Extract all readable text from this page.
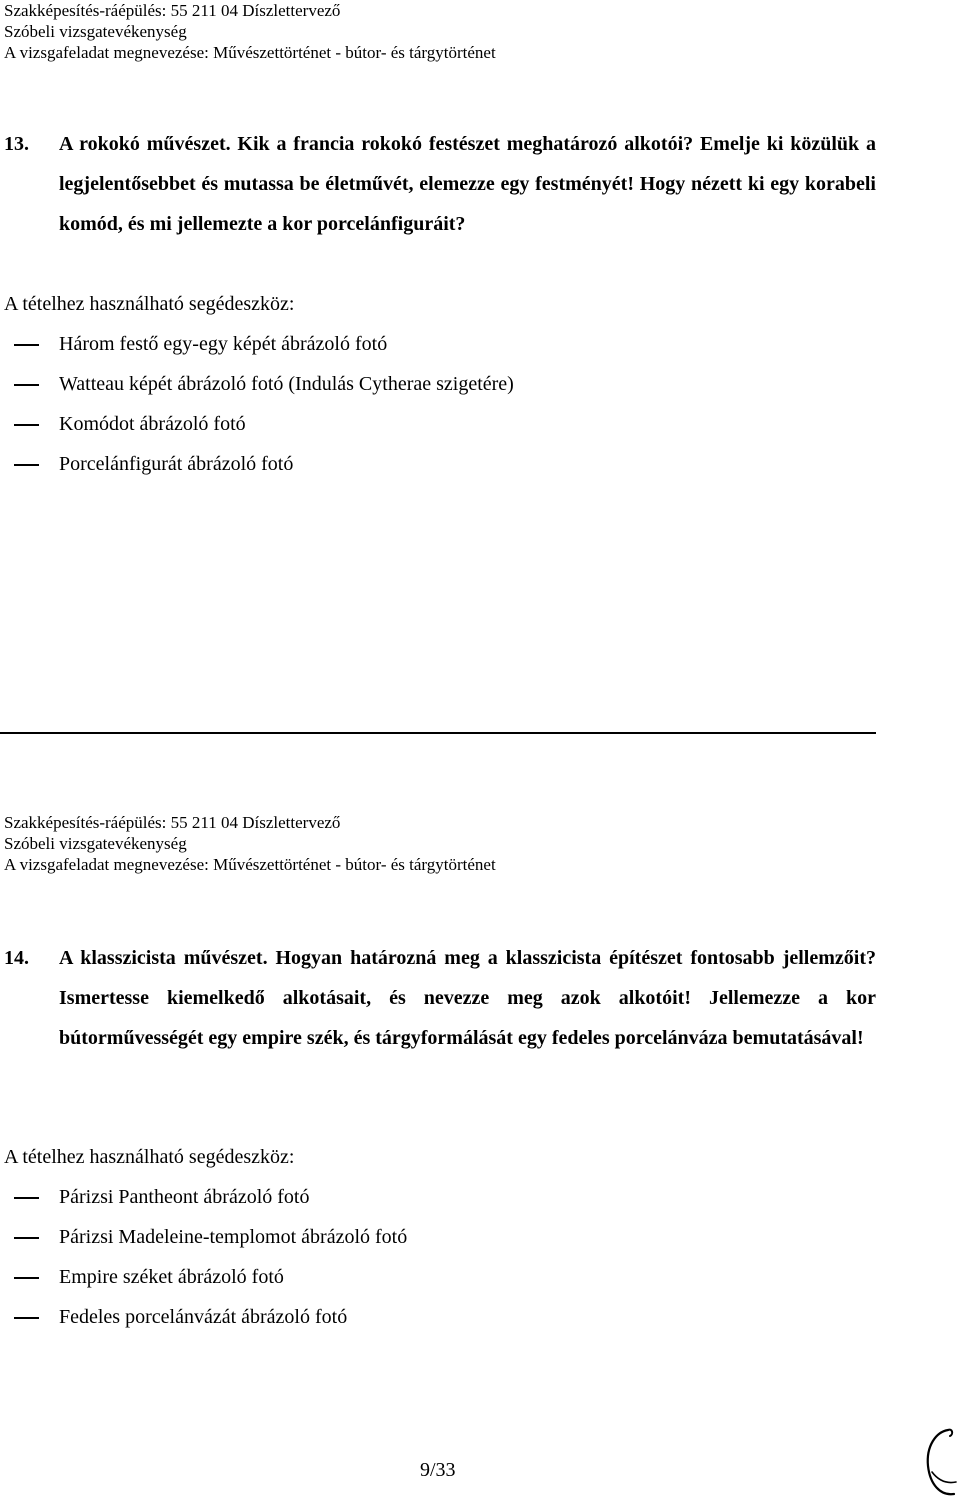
Szakképesítés-ráépülés: 55 211 04 Díszlettervező
Szóbeli vizsgatevékenység
A vizsgafeladat megnevezése: Művészettörténet - bútor- és tárgytörténet
13. A rokokó művészet. Kik a francia rokokó festészet meghatározó alkotói? Emelje ki közülük a legjelentősebbet és mutassa be életművét, elemezze egy festményét! Hogy nézett ki egy korabeli komód, és mi jellemezte a kor porcelánfiguráit?
A tételhez használható segédeszköz:
Három festő egy-egy képét ábrázoló fotó
Watteau képét ábrázoló fotó (Indulás Cytherae szigetére)
Komódot ábrázoló fotó
Porcelánfigurát ábrázoló fotó
Szakképesítés-ráépülés: 55 211 04 Díszlettervező
Szóbeli vizsgatevékenység
A vizsgafeladat megnevezése: Művészettörténet - bútor- és tárgytörténet
14. A klasszicista művészet. Hogyan határozná meg a klasszicista építészet fontosabb jellemzőit? Ismertesse kiemelkedő alkotásait, és nevezze meg azok alkotóit! Jellemezze a kor bútorművességét egy empire szék, és tárgyformálását egy fedeles porcelánváza bemutatásával!
A tételhez használható segédeszköz:
Párizsi Pantheont ábrázoló fotó
Párizsi Madeleine-templomot ábrázoló fotó
Empire széket ábrázoló fotó
Fedeles porcelánvázát ábrázoló fotó
9/33
